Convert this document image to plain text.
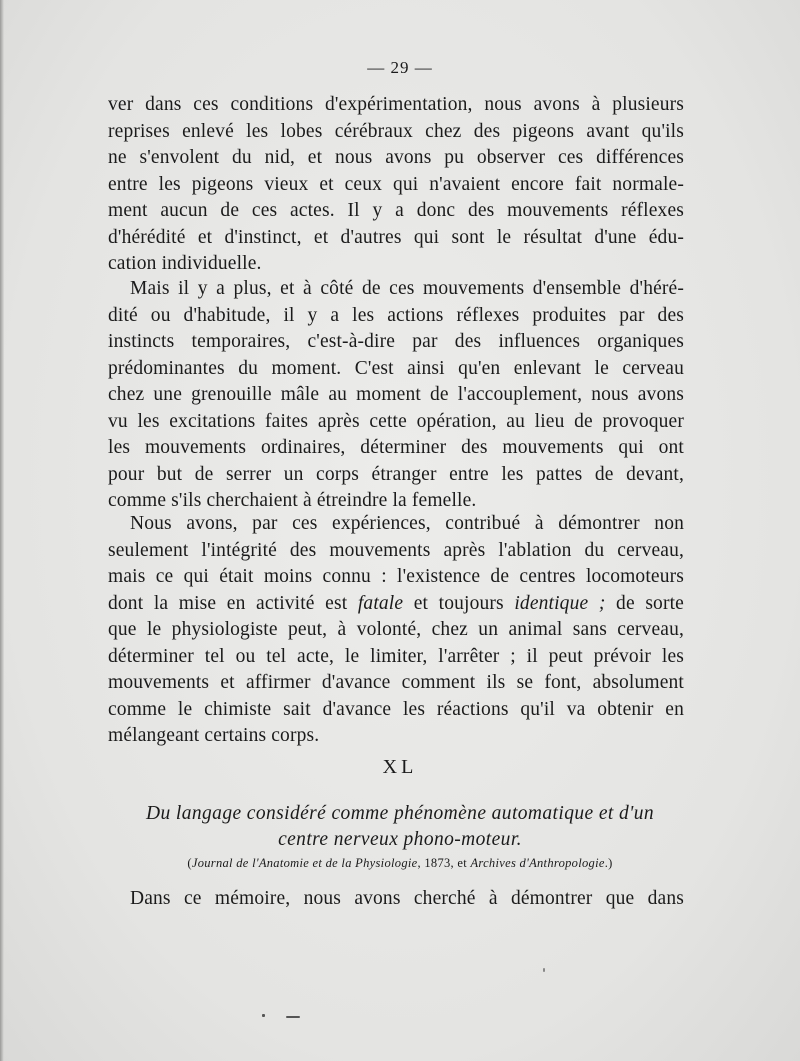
— 29 —
ver dans ces conditions d'expérimentation, nous avons à plusieurs
reprises enlevé les lobes cérébraux chez des pigeons avant qu'ils
ne s'envolent du nid, et nous avons pu observer ces différences
entre les pigeons vieux et ceux qui n'avaient encore fait normale-
ment aucun de ces actes. Il y a donc des mouvements réflexes
d'hérédité et d'instinct, et d'autres qui sont le résultat d'une édu-
cation individuelle.
Mais il y a plus, et à côté de ces mouvements d'ensemble d'héré-
dité ou d'habitude, il y a les actions réflexes produites par des
instincts temporaires, c'est-à-dire par des influences organiques
prédominantes du moment. C'est ainsi qu'en enlevant le cerveau
chez une grenouille mâle au moment de l'accouplement, nous avons
vu les excitations faites après cette opération, au lieu de provoquer
les mouvements ordinaires, déterminer des mouvements qui ont
pour but de serrer un corps étranger entre les pattes de devant,
comme s'ils cherchaient à étreindre la femelle.
Nous avons, par ces expériences, contribué à démontrer non
seulement l'intégrité des mouvements après l'ablation du cerveau,
mais ce qui était moins connu : l'existence de centres locomoteurs
dont la mise en activité est fatale et toujours identique ; de sorte
que le physiologiste peut, à volonté, chez un animal sans cerveau,
déterminer tel ou tel acte, le limiter, l'arrêter ; il peut prévoir les
mouvements et affirmer d'avance comment ils se font, absolument
comme le chimiste sait d'avance les réactions qu'il va obtenir en
mélangeant certains corps.
XL
Du langage considéré comme phénomène automatique et d'un
centre nerveux phono-moteur.
(Journal de l'Anatomie et de la Physiologie, 1873, et Archives d'Anthropologie.)
Dans ce mémoire, nous avons cherché à démontrer que dans
